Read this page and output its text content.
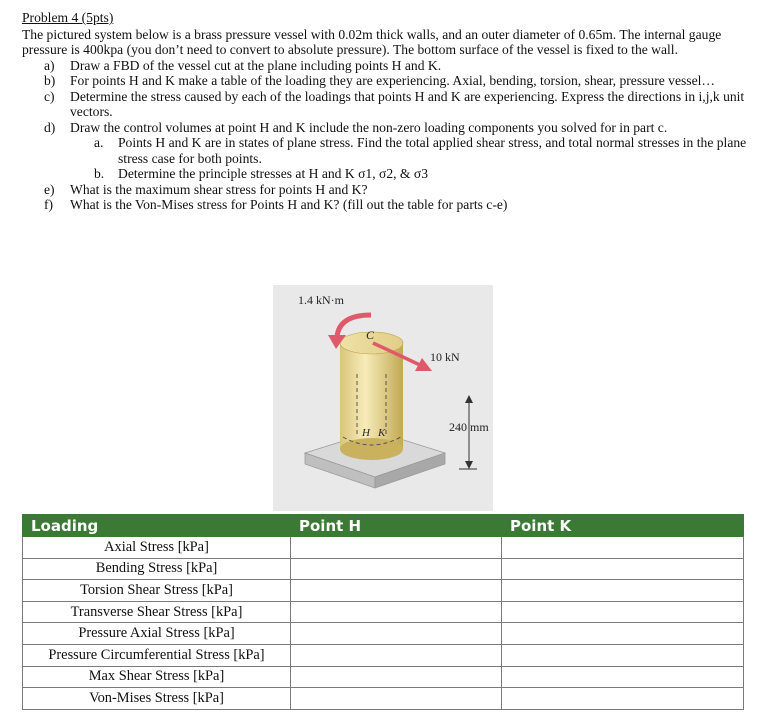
Problem 4 (5pts)

The pictured system below is a brass pressure vessel with 0.02m thick walls, and an outer diameter of 0.65m. The internal gauge pressure is 400kpa (you don’t need to convert to absolute pressure). The bottom surface of the vessel is fixed to the wall.

a) Draw a FBD of the vessel cut at the plane including points H and K.

b) For points H and K make a table of the loading they are experiencing. Axial, bending, torsion, shear, pressure vessel…

c) Determine the stress caused by each of the loadings that points H and K are experiencing. Express the directions in i,j,k unit vectors.

d) Draw the control volumes at point H and K include the non-zero loading components you solved for in part c.

a. Points H and K are in states of plane stress. Find the total applied shear stress, and total normal stresses in the plane stress case for both points.

b. Determine the principle stresses at H and K σ1, σ2, & σ3

e) What is the maximum shear stress for points H and K?

f) What is the Von-Mises stress for Points H and K? (fill out the table for parts c-e)

1.4 kN·m
10 kN
240 mm
C
H K
Loading	Point H	Point K
Axial Stress [kPa]		
Bending Stress [kPa]		
Torsion Shear Stress [kPa]		
Transverse Shear Stress [kPa]		
Pressure Axial Stress [kPa]		
Pressure Circumferential Stress [kPa]		
Max Shear Stress [kPa]		
Von-Mises Stress [kPa]		
